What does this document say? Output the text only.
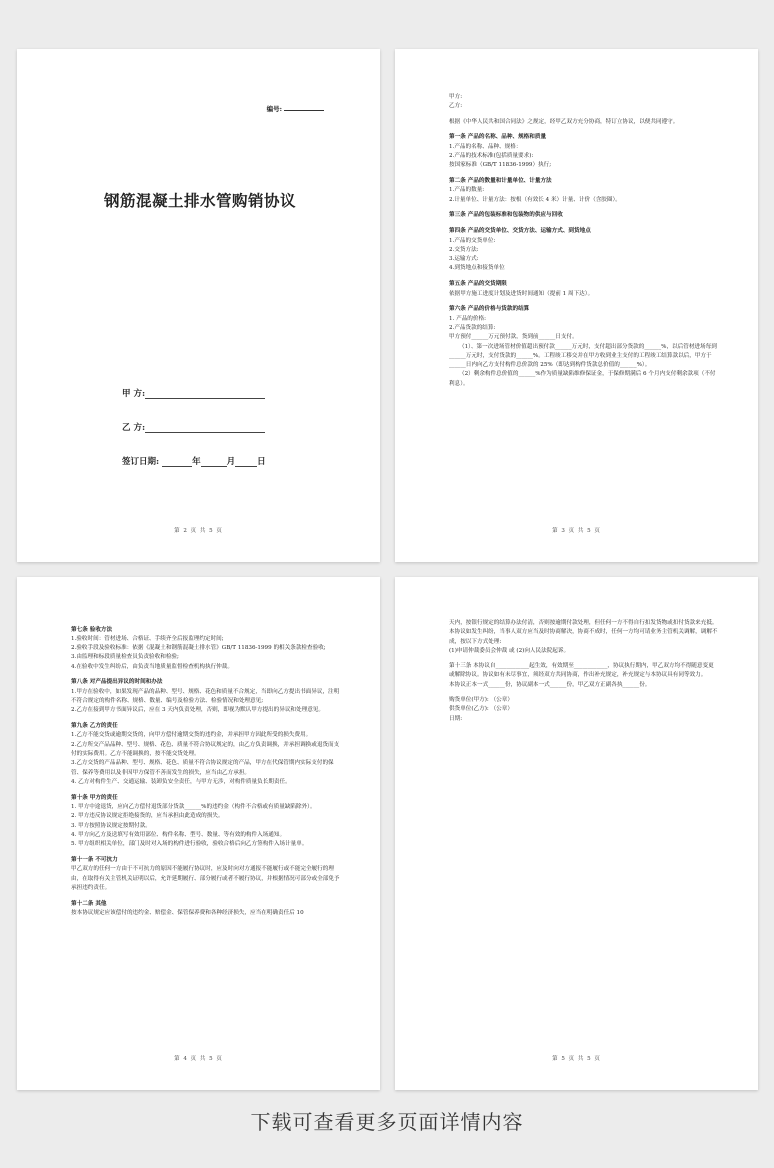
编号:
钢筋混凝土排水管购销协议
甲 方:
乙 方:
签订日期:	年	月	日
第 2 页 共 5 页

甲方:

乙方:

根据《中华人民共和国合同法》之规定，经甲乙双方充分协商，特订立协议，以便共同遵守。

第一条 产品的名称、品种、规格和质量

1.产品的名称、品种、规格：

2.产品的技术标准(包括质量要求):

按国家标准（GB/T 11836-1999）执行;

第二条 产品的数量和计量单位、计量方法

1.产品的数量:

2.计量单位、计量方法：按根（有效长 4 米）计量、计价（含胶圈）。

第三条 产品的包装标准和包装物的供应与回收

第四条 产品的交货单位、交货方法、运输方式、到货地点

1.产品的交货单位:

2.交货方法:

3.运输方式:

4.到货地点和接货单位

第五条 产品的交货期限

依据甲方施工进度计划及进货时间通知（提前 1 周下达）。

第六条 产品的价格与货款的结算

1. 产品的价格:

2.产品货款的结算:

甲方预付______万元预付款，货到前______日支付。

（1）、第一次进场管材价值超出预付款______万元时，支付超出部分货款的______%，以后管材进场每到______万元时，支付货款的______%。工程竣工移交并在甲方收到业主支付的工程竣工结算款以后，甲方于______日内向乙方支付构件总价款的 25%（即达到构件货款总价值的______%）。

（2）剩余构件总价值的______%作为质量缺陷维修保证金，于保修期满后 6 个月内支付剩余款项（不付利息）。

第 3 页 共 5 页

第七条 验收方法

1.验收时间：管材进场、合格证、手续齐全后报监理约定时间;

2.验收手段及验收标准：依据《混凝土和钢筋混凝土排水管》GB/T 11836-1999 的相关条款检查验收;

3.由监理和标段质量检查员负责验收和检验;

4.在验收中发生纠纷后，由负责当地质量监督检查机构执行仲裁。

第八条 对产品提出异议的时间和办法

1.甲方在验收中，如果发现产品的品种、型号、规格、花色和质量不合规定，当即向乙方提出书面异议，注明不符合规定的构件名称、规格、数量、编号及检验方法、检验情况和处理意见;

2.乙方在接到甲方书面异议后，应在 3 天内负责处理，否则，即视为默认甲方提出的异议和处理意见。

第九条 乙方的责任

1.乙方不能交货或逾期交货的，向甲方偿付逾期交货的违约金，并承担甲方因此所受的损失费用。

2.乙方所交产品品种、型号、规格、花色、质量不符合协议规定的，由乙方负责调换，并承担调换或退货而支付的实际费用。乙方不能调换的，按不能交货处理。

3.乙方交货的产品品种、型号、规格、花色、质量不符合协议规定的产品，甲方在代保管期内实际支付的保管、保养等费用以及非因甲方保管不善而发生的损失，应当由乙方承担。

4. 乙方对构件生产、交通运输、装卸负安全责任，与甲方无涉，对构件质量负长期责任。

第十条 甲方的责任

1. 甲方中途退货，应向乙方偿付退货部分货款______%的违约金（构件不合格或有质量缺陷除外）。

2. 甲方违反协议规定拒绝接货的，应当承担由此造成的损失。

3. 甲方按照协议规定按期付款。

4. 甲方向乙方及送填写有效用部位、构件名称、型号、数量、等有效的构件入场通知。

5. 甲方组织相关单位，部门及时对入场的构件进行验收，验收合格后向乙方签构件入场计量单。

第十一条 不可抗力

甲乙双方的任何一方由于不可抗力的原因不能履行协议时，应及时向对方通报不能履行或不能完全履行的理由，在取得有关主管机关证明以后，允许延期履行、部分履行或者不履行协议，并根据情况可部分或全部免予承担违约责任。

第十二条 其他

按本协议规定应该偿付的违约金、赔偿金、保管保养费和各种经济损失，应当在明确责任后 10

第 4 页 共 5 页

天内，按银行规定的结算办法付清，否则按逾期付款处理，但任何一方不得自行扣发货物或扣付货款来充抵。

本协议如发生纠纷，当事人双方应当及时协商解决，协商不成时，任何一方均可请业务主管机关调解，调解不成，按以下方式处理:

(1)申请仲裁委员会仲裁 或 (2)向人民法院起诉。

第十三条 本协议自____________起生效，有效期至____________，协议执行期内，甲乙双方均不得随意变更或解除协议。协议如有未尽事宜，须经双方共同协商，作出补充规定，补充规定与本协议具有同等效力。

本协议正本一式______份，协议副本一式______份，甲乙双方正副各执______份。

购货单位(甲方): （公章）

供货单位(乙方): （公章）

日期:

第 5 页 共 5 页
下载可查看更多页面详情内容
